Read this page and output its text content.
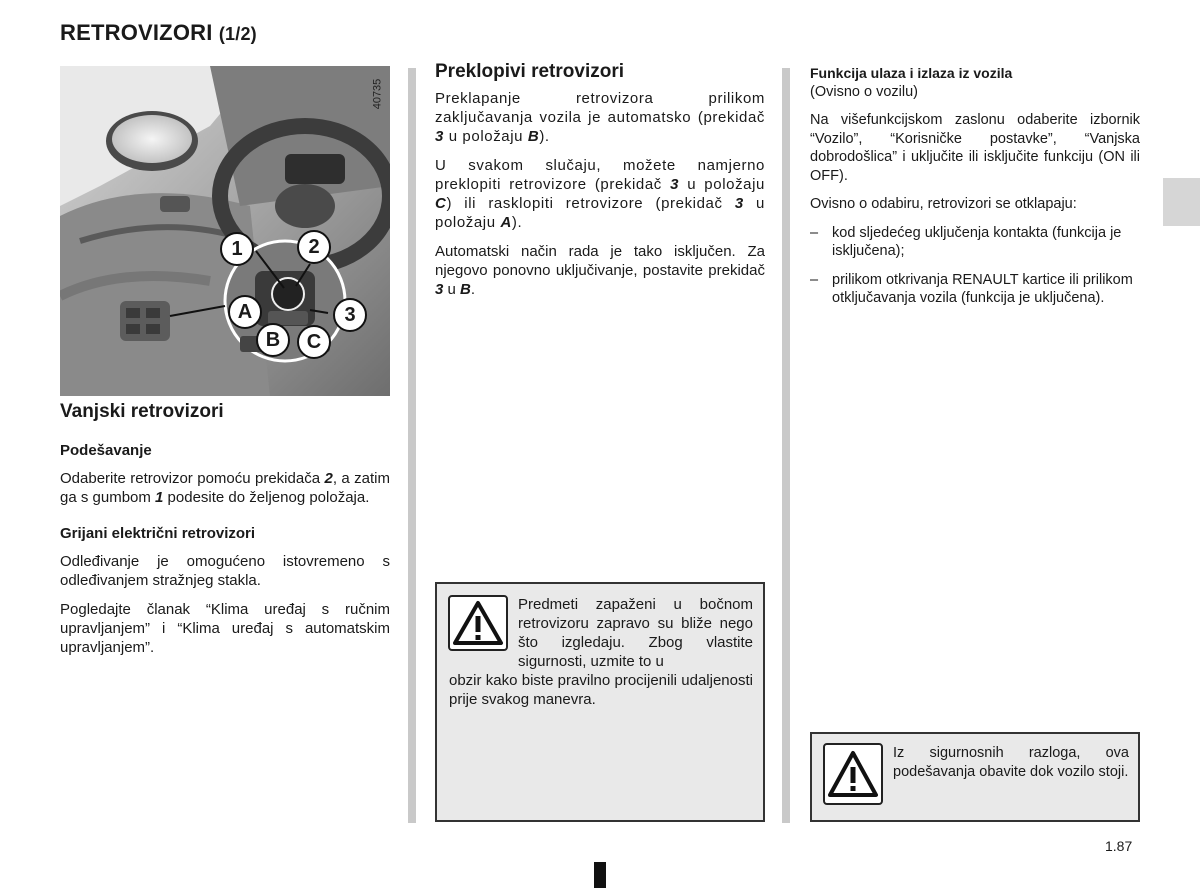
RETROVIZORI (1/2)
40735
1	2
A	3
B	C
Vanjski retrovizori
Podešavanje

Odaberite retrovizor pomoću prekidača 2, a zatim ga s gumbom 1 podesite do željenog položaja.

Grijani električni retrovizori

Odleđivanje je omogućeno istovremeno s odleđivanjem stražnjeg stakla.

Pogledajte članak “Klima uređaj s ručnim upravljanjem” i “Klima uređaj s automatskim upravljanjem”.

Preklopivi retrovizori

Preklapanje retrovizora prilikom zaključavanja vozila je automatsko (prekidač 3 u položaju B).

U svakom slučaju, možete namjerno preklopiti retrovizore (prekidač 3 u položaju C) ili rasklopiti retrovizore (prekidač 3 u položaju A).

Automatski način rada je tako isključen. Za njegovo ponovno uključivanje, postavite prekidač 3 u B.

Predmeti zapaženi u bočnom retrovizoru zapravo su bliže nego što izgledaju. Zbog vlastite sigurnosti, uzmite to u
obzir kako biste pravilno procijenili udaljenosti prije svakog manevra.
Funkcija ulaza i izlaza iz vozila

(Ovisno o vozilu)

Na višefunkcijskom zaslonu odaberite izbornik “Vozilo”, “Korisničke postavke”, “Vanjska dobrodošlica” i uključite ili isključite funkciju (ON ili OFF).

Ovisno o odabiru, retrovizori se otklapaju:

– kod sljedećeg uključenja kontakta (funkcija je isključena);
– prilikom otkrivanja RENAULT kartice ili prilikom otključavanja vozila (funkcija je uključena).
Iz sigurnosnih razloga, ova podešavanja obavite dok vozilo stoji.
1.87
